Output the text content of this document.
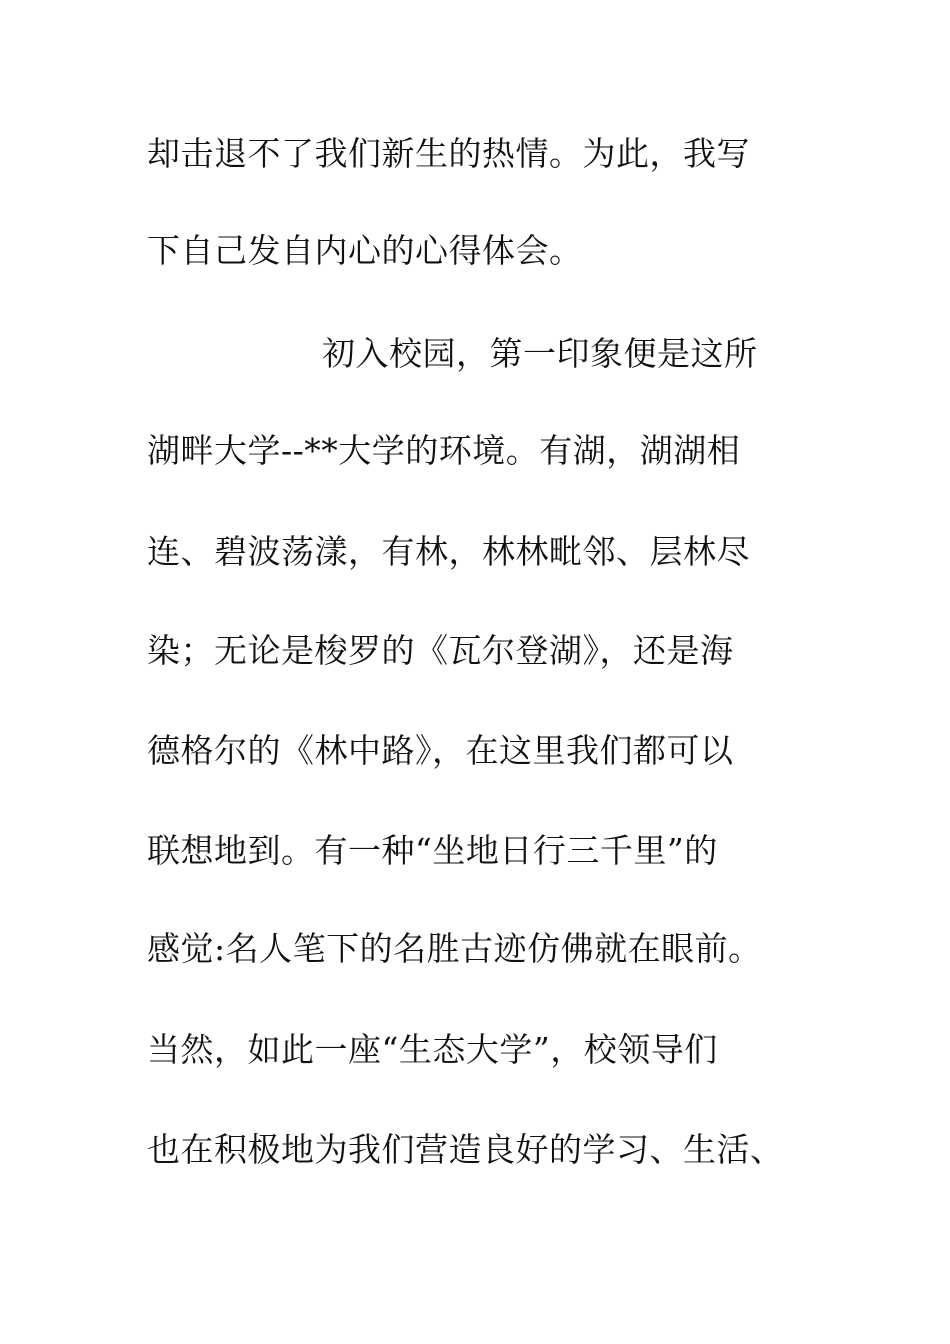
却击退不了我们新生的热情。为此，我写
下自己发自内心的心得体会。
初入校园，第一印象便是这所
湖畔大学--**大学的环境。有湖，湖湖相
连、碧波荡漾，有林，林林毗邻、层林尽
染；无论是梭罗的《瓦尔登湖》，还是海
德格尔的《林中路》，在这里我们都可以
联想地到。有一种“坐地日行三千里”的
感觉:名人笔下的名胜古迹仿佛就在眼前。
当然，如此一座“生态大学”，校领导们
也在积极地为我们营造良好的学习、生活、
